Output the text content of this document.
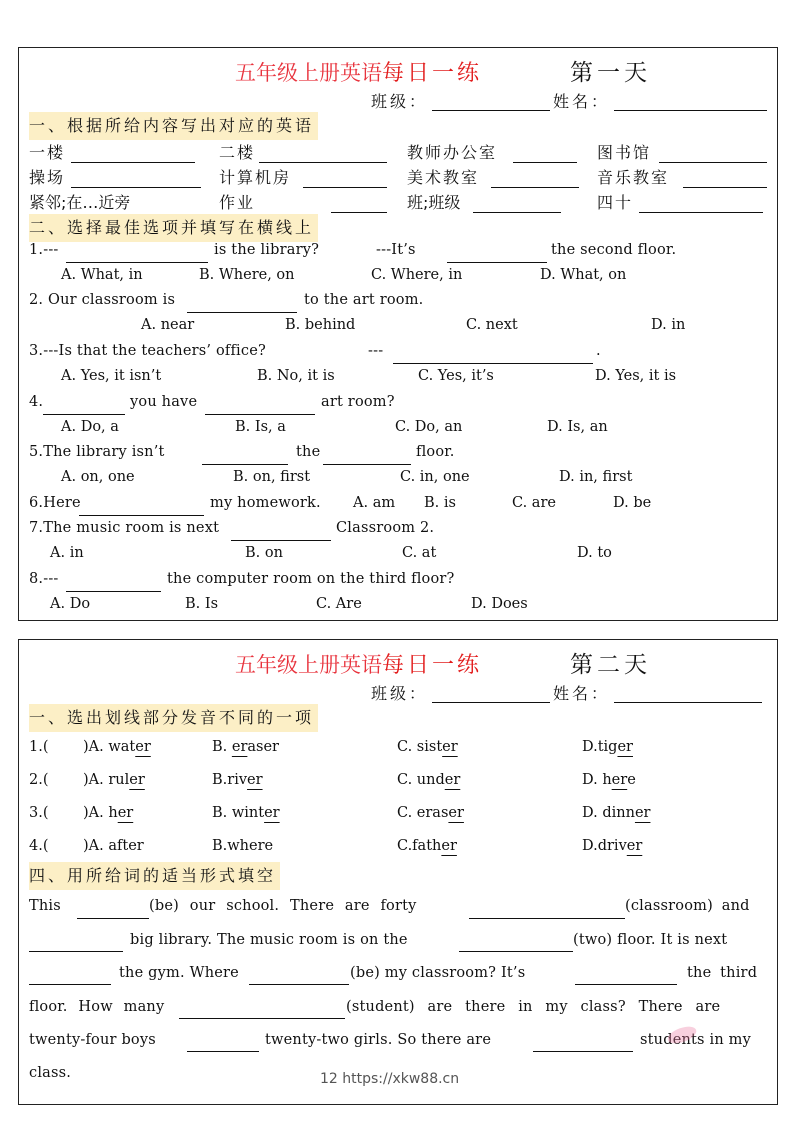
五年级上册英语每日一练	第一天
班级：	姓名：
一、根据所给内容写出对应的英语
一楼	二楼	教师办公室	图书馆
操场	计算机房	美术教室	音乐教室
紧邻;在…近旁	作业	班;班级	四十
二、选择最佳选项并填写在横线上
1.---	is the library?	---It’s	the second floor.
A. What, in	B. Where, on	C. Where, in	D. What, on
2. Our classroom is	to the art room.
A. near	B. behind	C. next	D. in
3.---Is that the teachers’ office?	---	.
A. Yes, it isn’t	B. No, it is	C. Yes, it’s	D. Yes, it is
4.	you have	art room?
A. Do, a	B. Is, a	C. Do, an	D. Is, an
5.The library isn’t	the	floor.
A. on, one	B. on, first	C. in, one	D. in, first
6.Here	my homework. A. am B. is	C. are	D. be
7.The music room is next	Classroom 2.
A. in	B. on	C. at	D. to
8.---	the computer room on the third floor?
A. Do	B. Is	C. Are	D. Does
五年级上册英语每日一练	第二天
班级：	姓名：
一、选出划线部分发音不同的一项
1.( )A. water	B. eraser	C. sister	D.tiger
2.( )A. ruler	B.river	C. under	D. here
3.( )A. her	B. winter	C. eraser	D. dinner
4.( )A. after	B.where	C.father	D.driver
四、用所给词的适当形式填空
This	(be) our school. There are forty	(classroom) and
big library. The music room is on the	(two) floor. It is next
the gym. Where	(be) my classroom? It’s	the third
floor. How many	(student) are there in my class? There are
twenty-four boys	twenty-two girls. So there are	students in my
class.	12 https://xkw88.cn
